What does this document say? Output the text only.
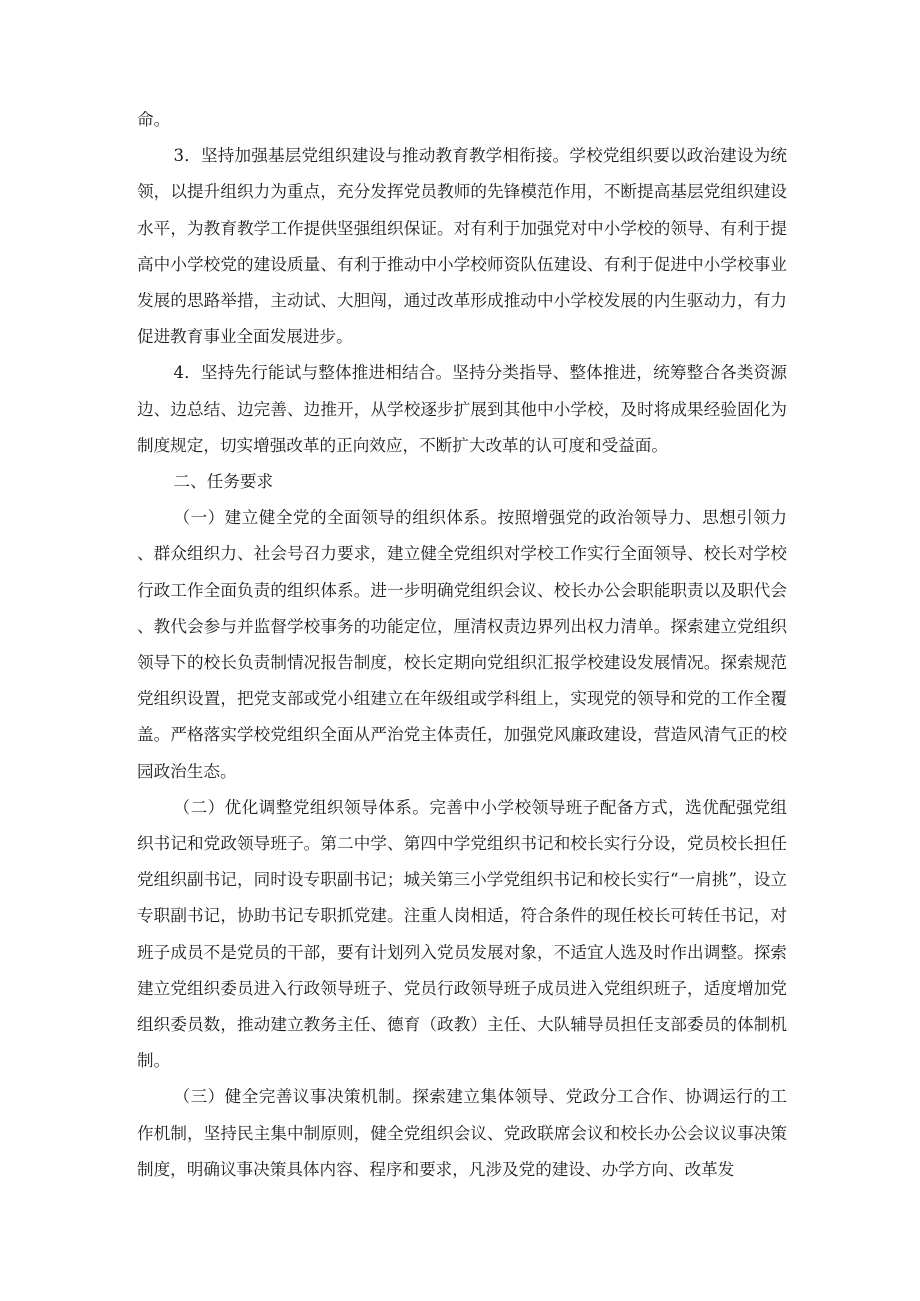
命。

3．坚持加强基层党组织建设与推动教育教学相衔接。学校党组织要以政治建设为统领，以提升组织力为重点，充分发挥党员教师的先锋模范作用，不断提高基层党组织建设水平，为教育教学工作提供坚强组织保证。对有利于加强党对中小学校的领导、有利于提高中小学校党的建设质量、有利于推动中小学校师资队伍建设、有利于促进中小学校事业发展的思路举措，主动试、大胆闯，通过改革形成推动中小学校发展的内生驱动力，有力促进教育事业全面发展进步。

4．坚持先行能试与整体推进相结合。坚持分类指导、整体推进，统筹整合各类资源边、边总结、边完善、边推开，从学校逐步扩展到其他中小学校，及时将成果经验固化为制度规定，切实增强改革的正向效应，不断扩大改革的认可度和受益面。

二、任务要求

（一）建立健全党的全面领导的组织体系。按照增强党的政治领导力、思想引领力、群众组织力、社会号召力要求，建立健全党组织对学校工作实行全面领导、校长对学校行政工作全面负责的组织体系。进一步明确党组织会议、校长办公会职能职责以及职代会、教代会参与并监督学校事务的功能定位，厘清权责边界列出权力清单。探索建立党组织领导下的校长负责制情况报告制度，校长定期向党组织汇报学校建设发展情况。探索规范党组织设置，把党支部或党小组建立在年级组或学科组上，实现党的领导和党的工作全覆盖。严格落实学校党组织全面从严治党主体责任，加强党风廉政建设，营造风清气正的校园政治生态。

（二）优化调整党组织领导体系。完善中小学校领导班子配备方式，选优配强党组织书记和党政领导班子。第二中学、第四中学党组织书记和校长实行分设，党员校长担任党组织副书记，同时设专职副书记；城关第三小学党组织书记和校长实行“一肩挑”，设立专职副书记，协助书记专职抓党建。注重人岗相适，符合条件的现任校长可转任书记，对班子成员不是党员的干部，要有计划列入党员发展对象，不适宜人选及时作出调整。探索建立党组织委员进入行政领导班子、党员行政领导班子成员进入党组织班子，适度增加党组织委员数，推动建立教务主任、德育（政教）主任、大队辅导员担任支部委员的体制机制。

（三）健全完善议事决策机制。探索建立集体领导、党政分工合作、协调运行的工作机制，坚持民主集中制原则，健全党组织会议、党政联席会议和校长办公会议议事决策制度，明确议事决策具体内容、程序和要求，凡涉及党的建设、办学方向、改革发
